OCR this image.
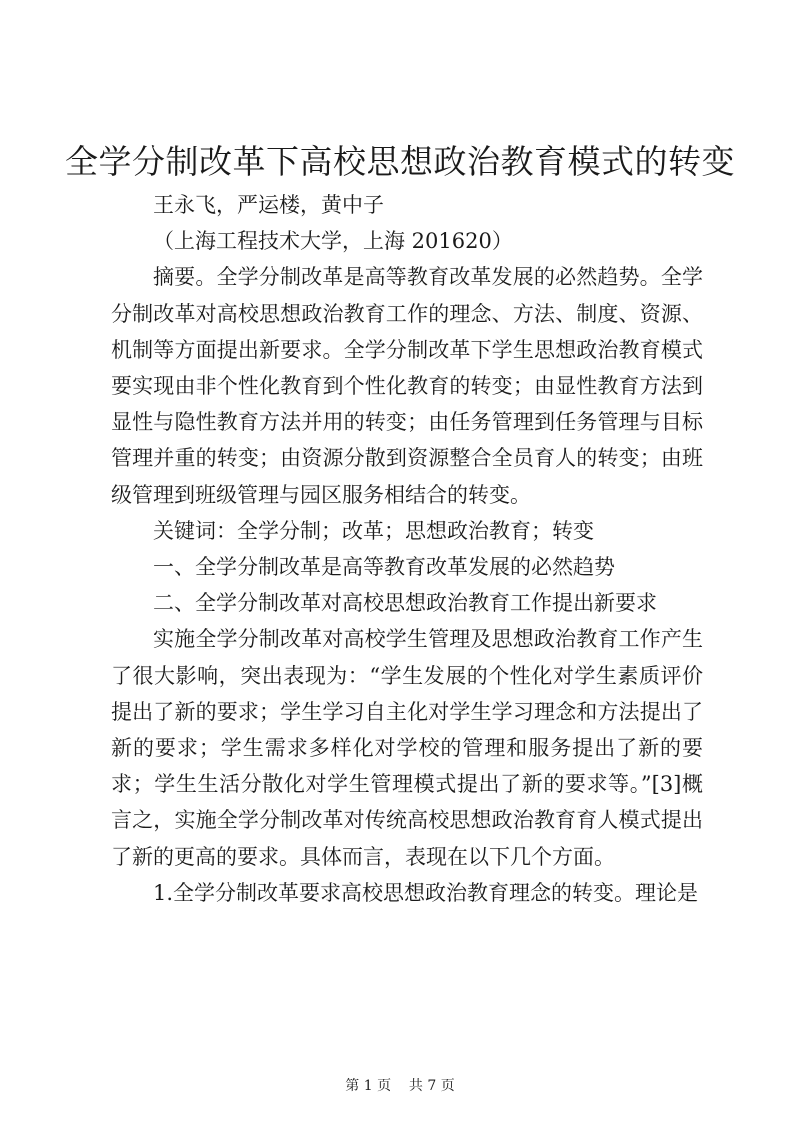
全学分制改革下高校思想政治教育模式的转变

王永飞，严运楼，黄中子

（上海工程技术大学，上海 201620）

摘要。全学分制改革是高等教育改革发展的必然趋势。全学分制改革对高校思想政治教育工作的理念、方法、制度、资源、机制等方面提出新要求。全学分制改革下学生思想政治教育模式要实现由非个性化教育到个性化教育的转变；由显性教育方法到显性与隐性教育方法并用的转变；由任务管理到任务管理与目标管理并重的转变；由资源分散到资源整合全员育人的转变；由班级管理到班级管理与园区服务相结合的转变。

关键词：全学分制；改革；思想政治教育；转变

一、全学分制改革是高等教育改革发展的必然趋势

二、全学分制改革对高校思想政治教育工作提出新要求

实施全学分制改革对高校学生管理及思想政治教育工作产生了很大影响，突出表现为：“学生发展的个性化对学生素质评价提出了新的要求；学生学习自主化对学生学习理念和方法提出了新的要求；学生需求多样化对学校的管理和服务提出了新的要求；学生生活分散化对学生管理模式提出了新的要求等。”[3]概言之，实施全学分制改革对传统高校思想政治教育育人模式提出了新的更高的要求。具体而言，表现在以下几个方面。

1.全学分制改革要求高校思想政治教育理念的转变。理论是

第 1 页 共 7 页
